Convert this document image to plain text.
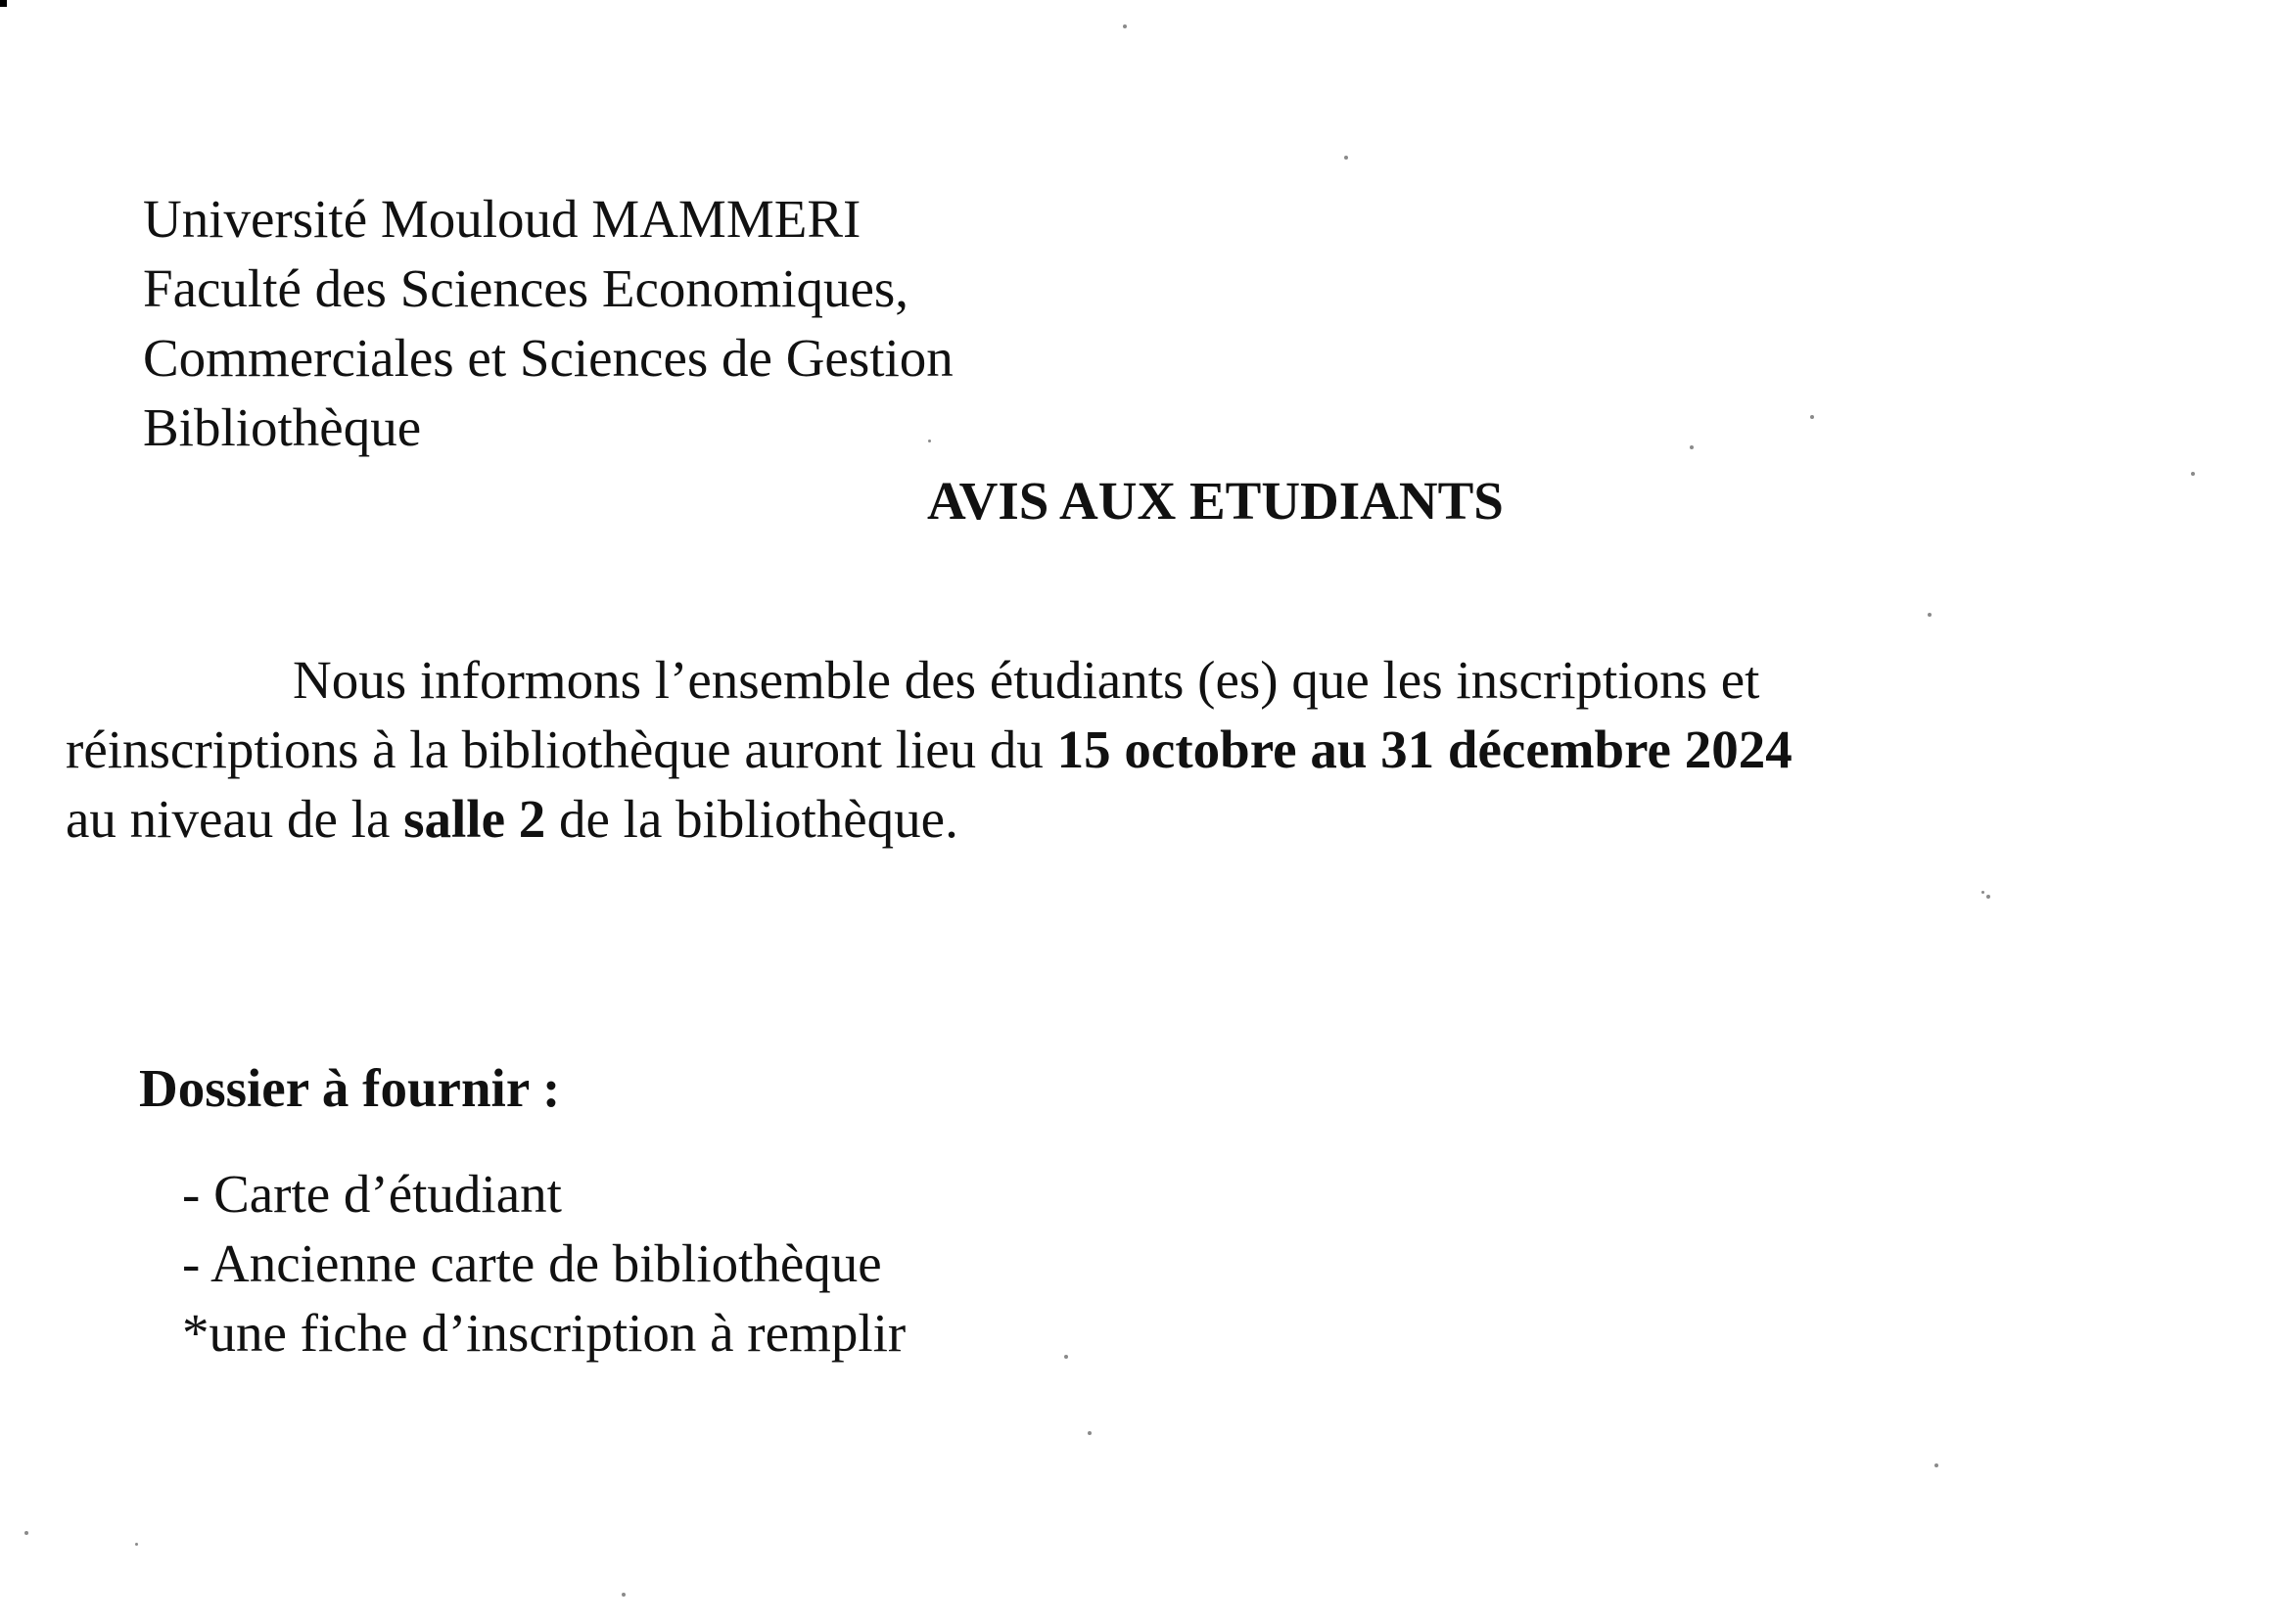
Université Mouloud MAMMERI
Faculté des Sciences Economiques,
Commerciales et Sciences de Gestion
Bibliothèque
AVIS AUX ETUDIANTS
Nous informons l’ensemble des étudiants (es) que les inscriptions et
réinscriptions à la bibliothèque auront lieu du 15 octobre au 31 décembre 2024
au niveau de la salle 2 de la bibliothèque.
Dossier à fournir :
- Carte d’étudiant
- Ancienne carte de bibliothèque
*une fiche d’inscription à remplir
